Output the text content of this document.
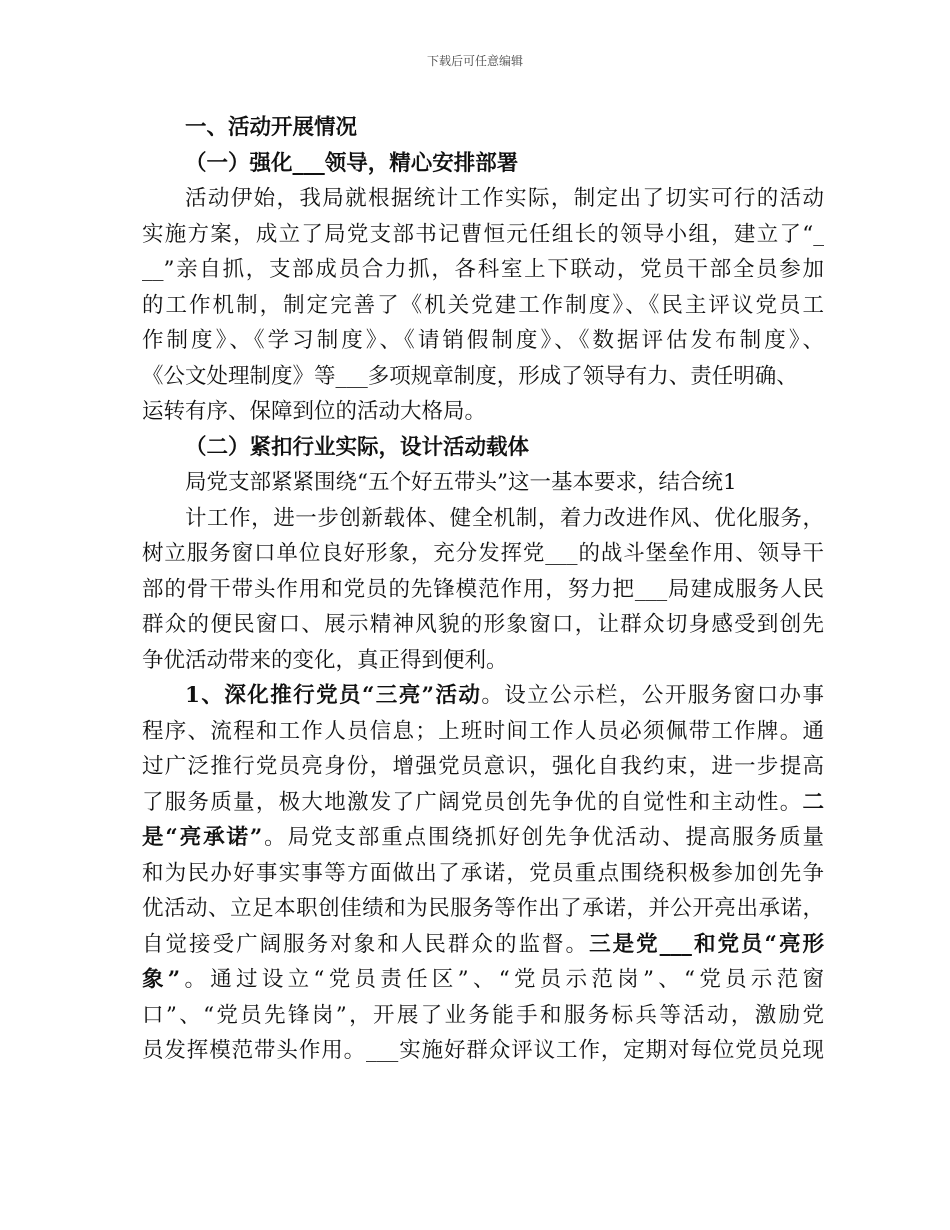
下载后可任意编辑
一、活动开展情况
（一）强化___领导，精心安排部署
活动伊始，我局就根据统计工作实际，制定出了切实可行的活动
实施方案，成立了局党支部书记曹恒元任组长的领导小组，建立了“_
__”亲自抓，支部成员合力抓，各科室上下联动，党员干部全员参加
的工作机制，制定完善了《机关党建工作制度》、《民主评议党员工
作制度》、《学习制度》、《请销假制度》、《数据评估发布制度》、
《公文处理制度》等___多项规章制度，形成了领导有力、责任明确、
运转有序、保障到位的活动大格局。
（二）紧扣行业实际，设计活动载体
局党支部紧紧围绕“五个好五带头”这一基本要求，结合统1
计工作，进一步创新载体、健全机制，着力改进作风、优化服务，
树立服务窗口单位良好形象，充分发挥党___的战斗堡垒作用、领导干
部的骨干带头作用和党员的先锋模范作用，努力把___局建成服务人民
群众的便民窗口、展示精神风貌的形象窗口，让群众切身感受到创先
争优活动带来的变化，真正得到便利。
1、深化推行党员“三亮”活动。设立公示栏，公开服务窗口办事
程序、流程和工作人员信息；上班时间工作人员必须佩带工作牌。通
过广泛推行党员亮身份，增强党员意识，强化自我约束，进一步提高
了服务质量，极大地激发了广阔党员创先争优的自觉性和主动性。二
是“亮承诺”。局党支部重点围绕抓好创先争优活动、提高服务质量
和为民办好事实事等方面做出了承诺，党员重点围绕积极参加创先争
优活动、立足本职创佳绩和为民服务等作出了承诺，并公开亮出承诺，
自觉接受广阔服务对象和人民群众的监督。三是党___和党员“亮形
象”。通过设立“党员责任区”、“党员示范岗”、“党员示范窗
口”、“党员先锋岗”，开展了业务能手和服务标兵等活动，激励党
员发挥模范带头作用。___实施好群众评议工作，定期对每位党员兑现
